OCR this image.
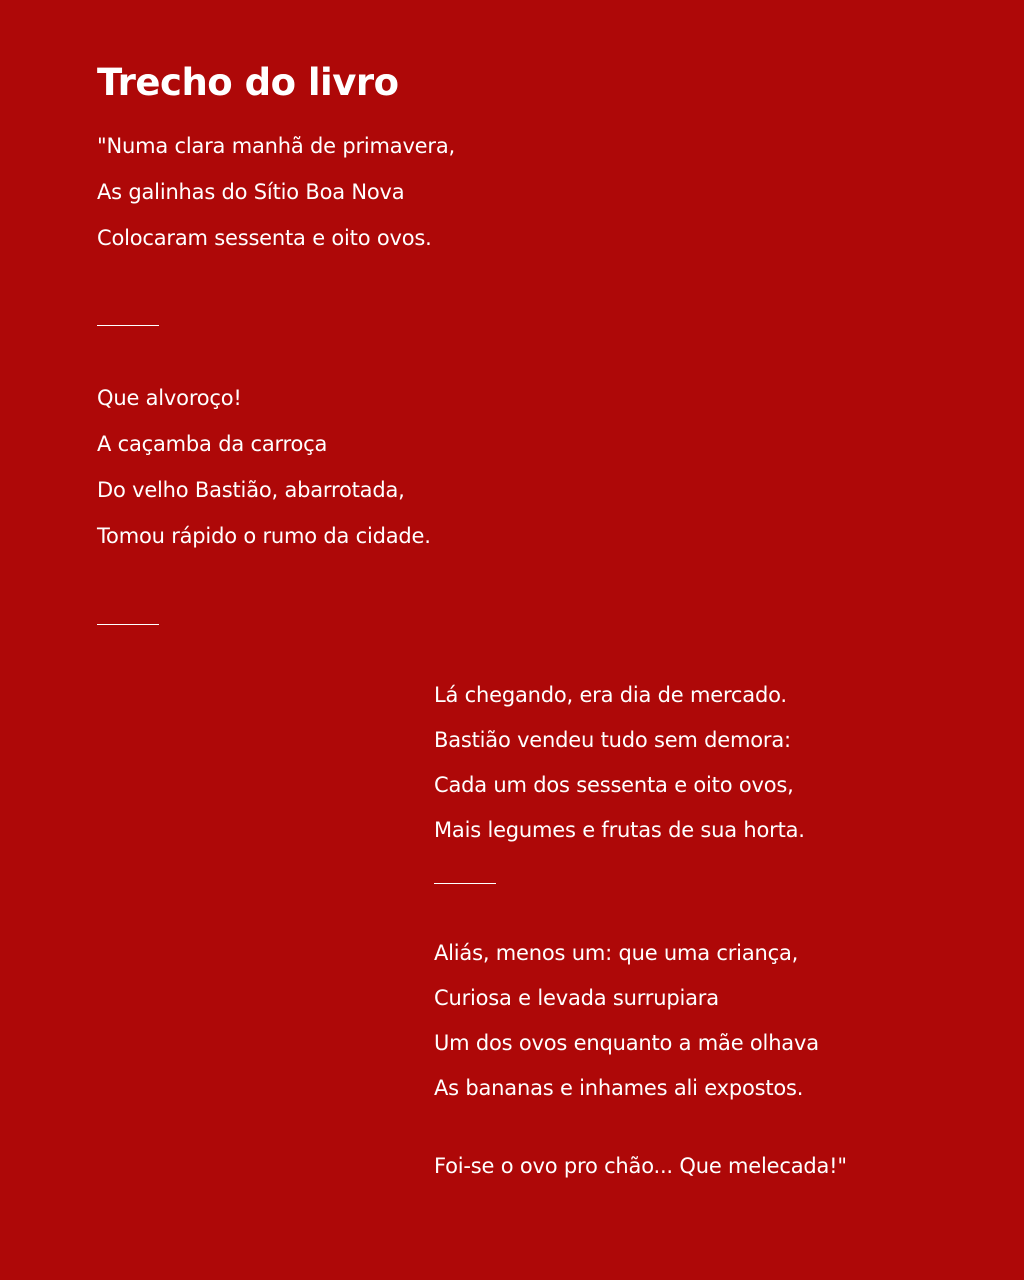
Trecho do livro
"Numa clara manhã de primavera,
As galinhas do Sítio Boa Nova
Colocaram sessenta e oito ovos.
Que alvoroço!
A caçamba da carroça
Do velho Bastião, abarrotada,
Tomou rápido o rumo da cidade.
Lá chegando, era dia de mercado.
Bastião vendeu tudo sem demora:
Cada um dos sessenta e oito ovos,
Mais legumes e frutas de sua horta.
Aliás, menos um: que uma criança,
Curiosa e levada surrupiara
Um dos ovos enquanto a mãe olhava
As bananas e inhames ali expostos.
Foi-se o ovo pro chão... Que melecada!"
